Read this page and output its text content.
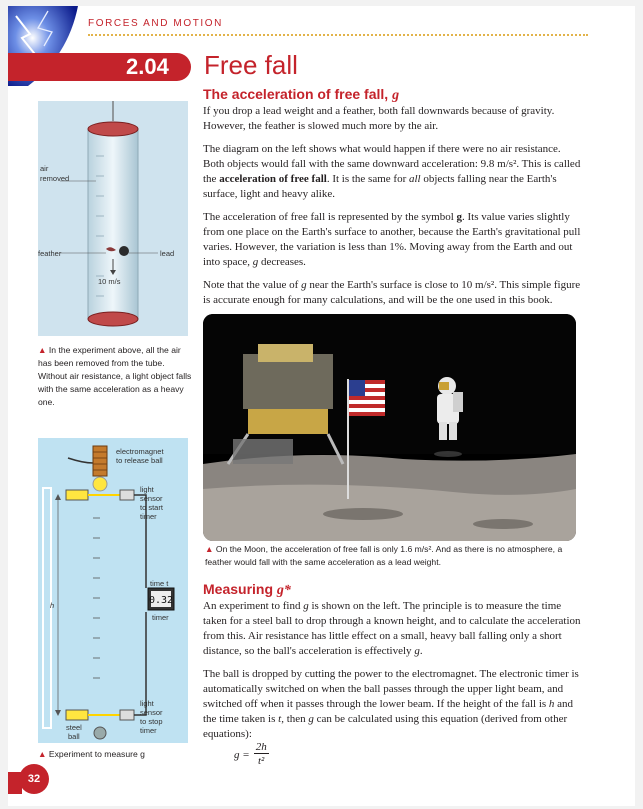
FORCES AND MOTION
2.04 Free fall
The acceleration of free fall, g

If you drop a lead weight and a feather, both fall downwards because of gravity. However, the feather is slowed much more by the air.

The diagram on the left shows what would happen if there were no air resistance. Both objects would fall with the same downward acceleration: 9.8 m/s². This is called the acceleration of free fall. It is the same for all objects falling near the Earth's surface, light and heavy alike.

The acceleration of free fall is represented by the symbol g. Its value varies slightly from one place on the Earth's surface to another, because the Earth's gravitational pull varies. However, the variation is less than 1%. Moving away from the Earth and out into space, g decreases.

Note that the value of g near the Earth's surface is close to 10 m/s². This simple figure is accurate enough for many calculations, and will be the one used in this book.

air
removed
feather	lead
10 m/s
▲ In the experiment above, all the air has been removed from the tube. Without air resistance, a light object falls with the same acceleration as a heavy one.
h	0.32
time t
timer
electromagnet
to release ball
light
sensor
to start
timer
light
sensor
to stop
timer
steel
ball
▲ Experiment to measure g
▲ On the Moon, the acceleration of free fall is only 1.6 m/s². And as there is no atmosphere, a feather would fall with the same acceleration as a lead weight.
Measuring g*

An experiment to find g is shown on the left. The principle is to measure the time taken for a steel ball to drop through a known height, and to calculate the acceleration from this. Air resistance has little effect on a small, heavy ball falling only a short distance, so the ball's acceleration is effectively g.

The ball is dropped by cutting the power to the electromagnet. The electronic timer is automatically switched on when the ball passes through the upper light beam, and switched off when it passes through the lower beam. If the height of the fall is h and the time taken is t, then g can be calculated using this equation (derived from other equations):

g =	2h
t²
32
